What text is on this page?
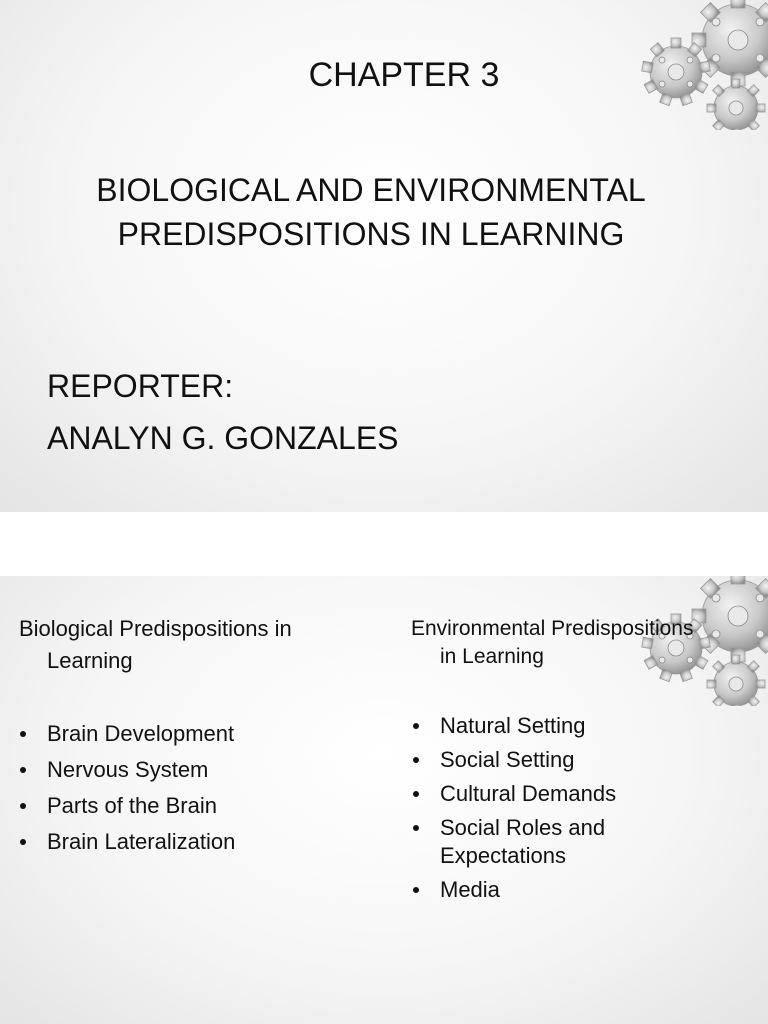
CHAPTER 3
BIOLOGICAL AND ENVIRONMENTAL
PREDISPOSITIONS IN LEARNING
REPORTER:
ANALYN G. GONZALES
Biological Predispositions in
Learning
Brain Development
Nervous System
Parts of the Brain
Brain Lateralization
Environmental Predispositions
in Learning
Natural Setting
Social Setting
Cultural Demands
Social Roles and
Expectations
Media
